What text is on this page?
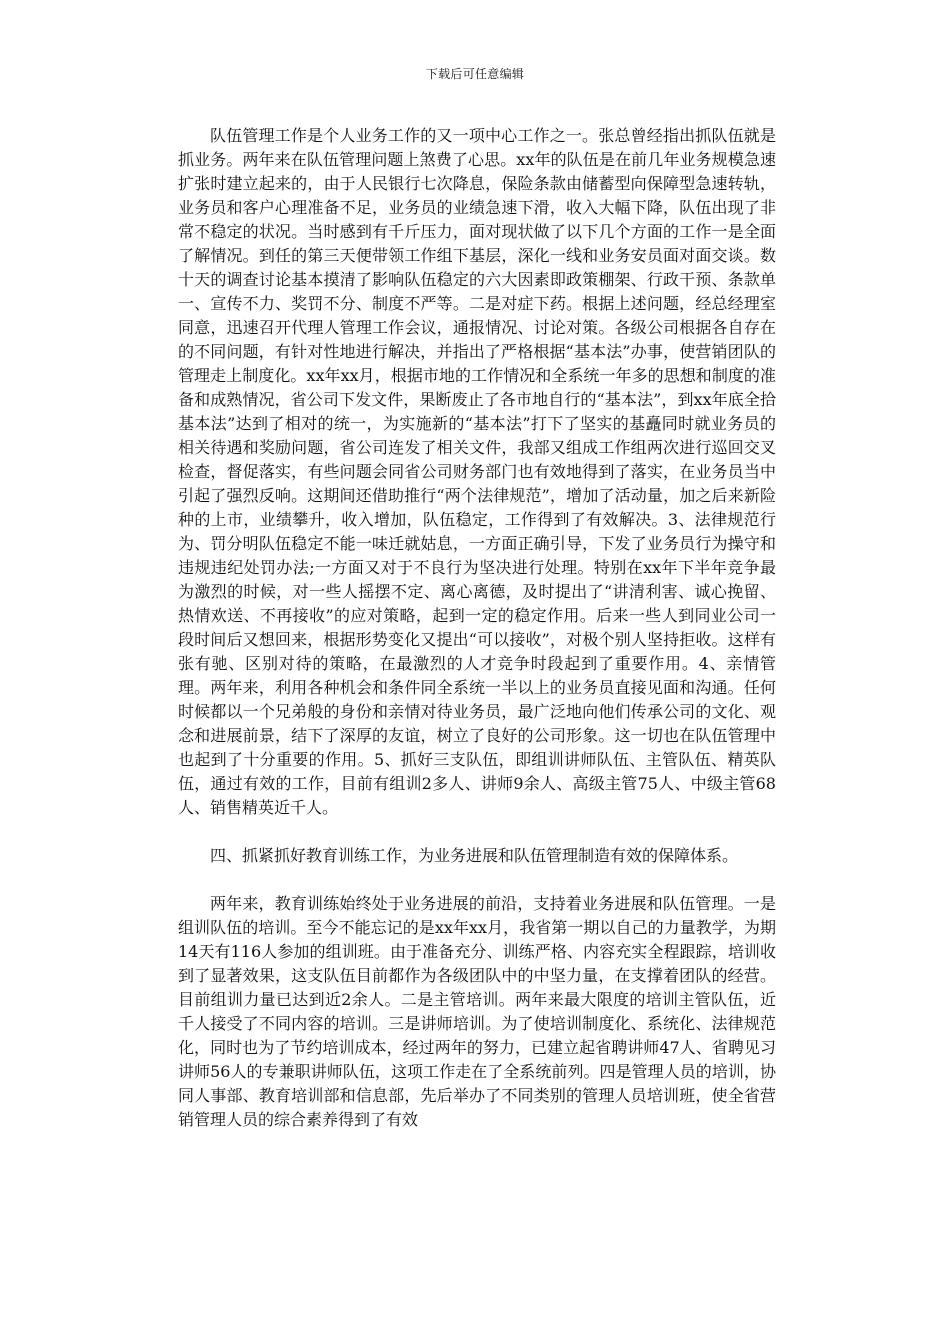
下载后可任意编辑

队伍管理工作是个人业务工作的又一项中心工作之一。张总曾经指出抓队伍就是抓业务。两年来在队伍管理问题上煞费了心思。xx年的队伍是在前几年业务规模急速扩张时建立起来的，由于人民银行七次降息，保险条款由储蓄型向保障型急速转轨，业务员和客户心理准备不足，业务员的业绩急速下滑，收入大幅下降，队伍出现了非常不稳定的状况。当时感到有千斤压力，面对现状做了以下几个方面的工作一是全面了解情况。到任的第三天便带领工作组下基层，深化一线和业务安员面对面交谈。数十天的调查讨论基本摸清了影响队伍稳定的六大因素即政策棚架、行政干预、条款单一、宣传不力、奖罚不分、制度不严等。二是对症下药。根据上述问题，经总经理室同意，迅速召开代理人管理工作会议，通报情况、讨论对策。各级公司根据各自存在的不同问题，有针对性地进行解决，并指出了严格根据“基本法”办事，使营销团队的管理走上制度化。xx年xx月，根据市地的工作情况和全系统一年多的思想和制度的准备和成熟情况，省公司下发文件，果断废止了各市地自行的“基本法”，到xx年底全拾基本法”达到了相对的统一，为实施新的“基本法”打下了坚实的基矗同时就业务员的相关待遇和奖励问题，省公司连发了相关文件，我部又组成工作组两次进行巡回交叉检查，督促落实，有些问题会同省公司财务部门也有效地得到了落实，在业务员当中引起了强烈反响。这期间还借助推行“两个法律规范”，增加了活动量，加之后来新险种的上市，业绩攀升，收入增加，队伍稳定，工作得到了有效解决。3、法律规范行为、罚分明队伍稳定不能一味迁就姑息，一方面正确引导，下发了业务员行为操守和违规违纪处罚办法;一方面又对于不良行为坚决进行处理。特别在xx年下半年竞争最为激烈的时候，对一些人摇摆不定、离心离德，及时提出了“讲清利害、诚心挽留、热情欢送、不再接收”的应对策略，起到一定的稳定作用。后来一些人到同业公司一段时间后又想回来，根据形势变化又提出“可以接收”，对极个别人坚持拒收。这样有张有驰、区别对待的策略，在最激烈的人才竞争时段起到了重要作用。4、亲情管理。两年来，利用各种机会和条件同全系统一半以上的业务员直接见面和沟通。任何时候都以一个兄弟般的身份和亲情对待业务员，最广泛地向他们传承公司的文化、观念和进展前景，结下了深厚的友谊，树立了良好的公司形象。这一切也在队伍管理中也起到了十分重要的作用。5、抓好三支队伍，即组训讲师队伍、主管队伍、精英队伍，通过有效的工作，目前有组训2多人、讲师9余人、高级主管75人、中级主管68人、销售精英近千人。

四、抓紧抓好教育训练工作，为业务进展和队伍管理制造有效的保障体系。

两年来，教育训练始终处于业务进展的前沿，支持着业务进展和队伍管理。一是组训队伍的培训。至今不能忘记的是xx年xx月，我省第一期以自己的力量教学，为期14天有116人参加的组训班。由于准备充分、训练严格、内容充实全程跟踪，培训收到了显著效果，这支队伍目前都作为各级团队中的中坚力量，在支撑着团队的经营。目前组训力量已达到近2余人。二是主管培训。两年来最大限度的培训主管队伍，近千人接受了不同内容的培训。三是讲师培训。为了使培训制度化、系统化、法律规范化，同时也为了节约培训成本，经过两年的努力，已建立起省聘讲师47人、省聘见习讲师56人的专兼职讲师队伍，这项工作走在了全系统前列。四是管理人员的培训，协同人事部、教育培训部和信息部，先后举办了不同类别的管理人员培训班，使全省营销管理人员的综合素养得到了有效
